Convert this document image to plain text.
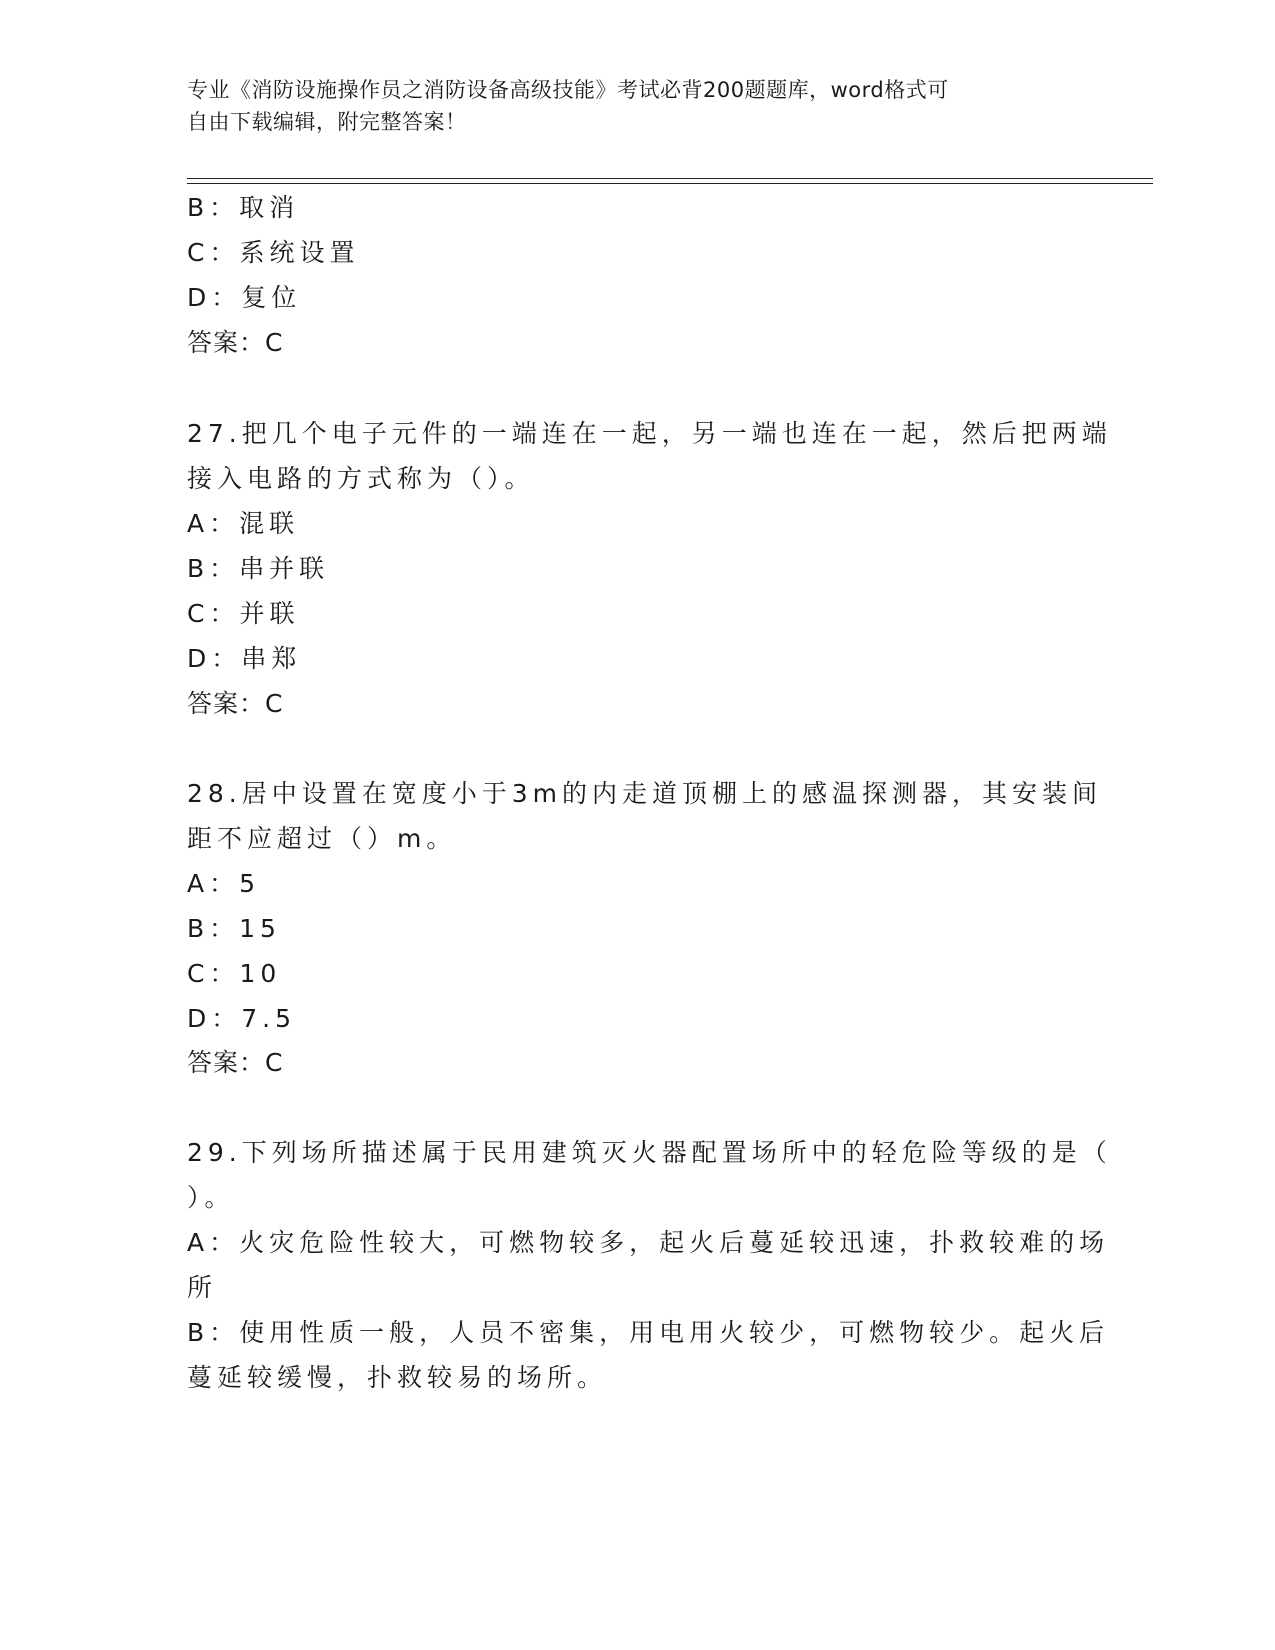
专业《消防设施操作员之消防设备高级技能》考试必背200题题库，word格式可
自由下载编辑，附完整答案！
B：取消
C：系统设置
D：复位
答案：C
27.把几个电子元件的一端连在一起，另一端也连在一起，然后把两端
接入电路的方式称为（）。
A：混联
B：串并联
C：并联
D：串郑
答案：C
28.居中设置在宽度小于3m的内走道顶棚上的感温探测器，其安装间
距不应超过（）m。
A：5
B：15
C：10
D：7.5
答案：C
29.下列场所描述属于民用建筑灭火器配置场所中的轻危险等级的是（
）。
A：火灾危险性较大，可燃物较多，起火后蔓延较迅速，扑救较难的场
所
B：使用性质一般，人员不密集，用电用火较少，可燃物较少。起火后
蔓延较缓慢，扑救较易的场所。
